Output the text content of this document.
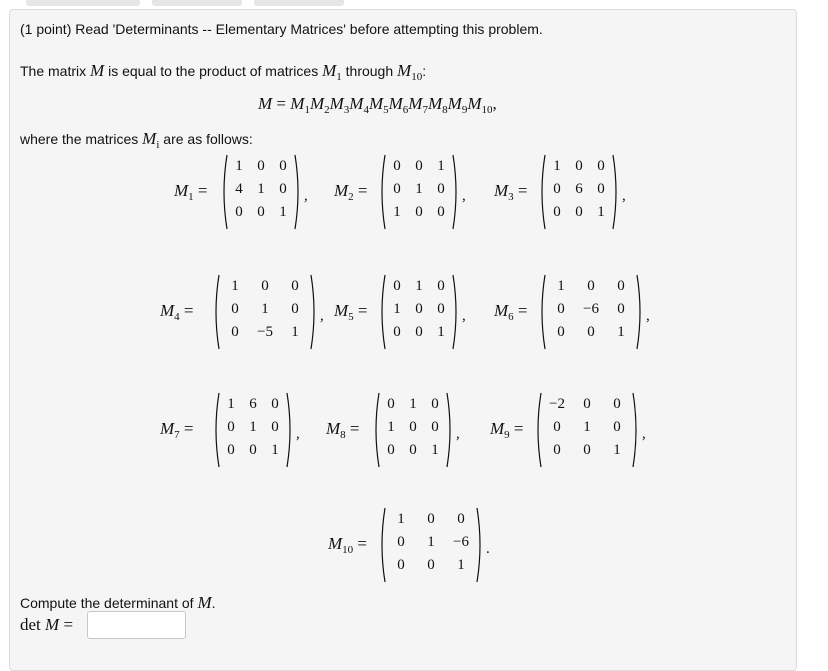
(1 point) Read 'Determinants -- Elementary Matrices' before attempting this problem.
The matrix M is equal to the product of matrices $M_1$ through $M_{10}$:
$M = M_1M_2M_3M_4M_5M_6M_7M_8M_9M_{10}$,
where the matrices $M_i$ are as follows:
$M_1$ =
1 0 0
4 1 0
0 0 1
, $M_2$ =
0 0 1
0 1 0
1 0 0
, $M_3$ =
1 0 0
0 6 0
0 0 1
,
$M_4$ =
1	0	0
0	1	0
0	−5	1
, $M_5$ =
0 1 0
1 0 0
0 0 1
, $M_6$ =
1	0	0
0	−6	0
0	0	1
,
$M_7$ =
1 6 0
0 1 0
0 0 1
, $M_8$ =
0 1 0
1 0 0
0 0 1
, $M_9$ =
−2	0	0
0	1	0
0	0	1
,
$M_{10}$ =
1	0	0
0	1	−6
0	0	1
.
Compute the determinant of M.
det M =
